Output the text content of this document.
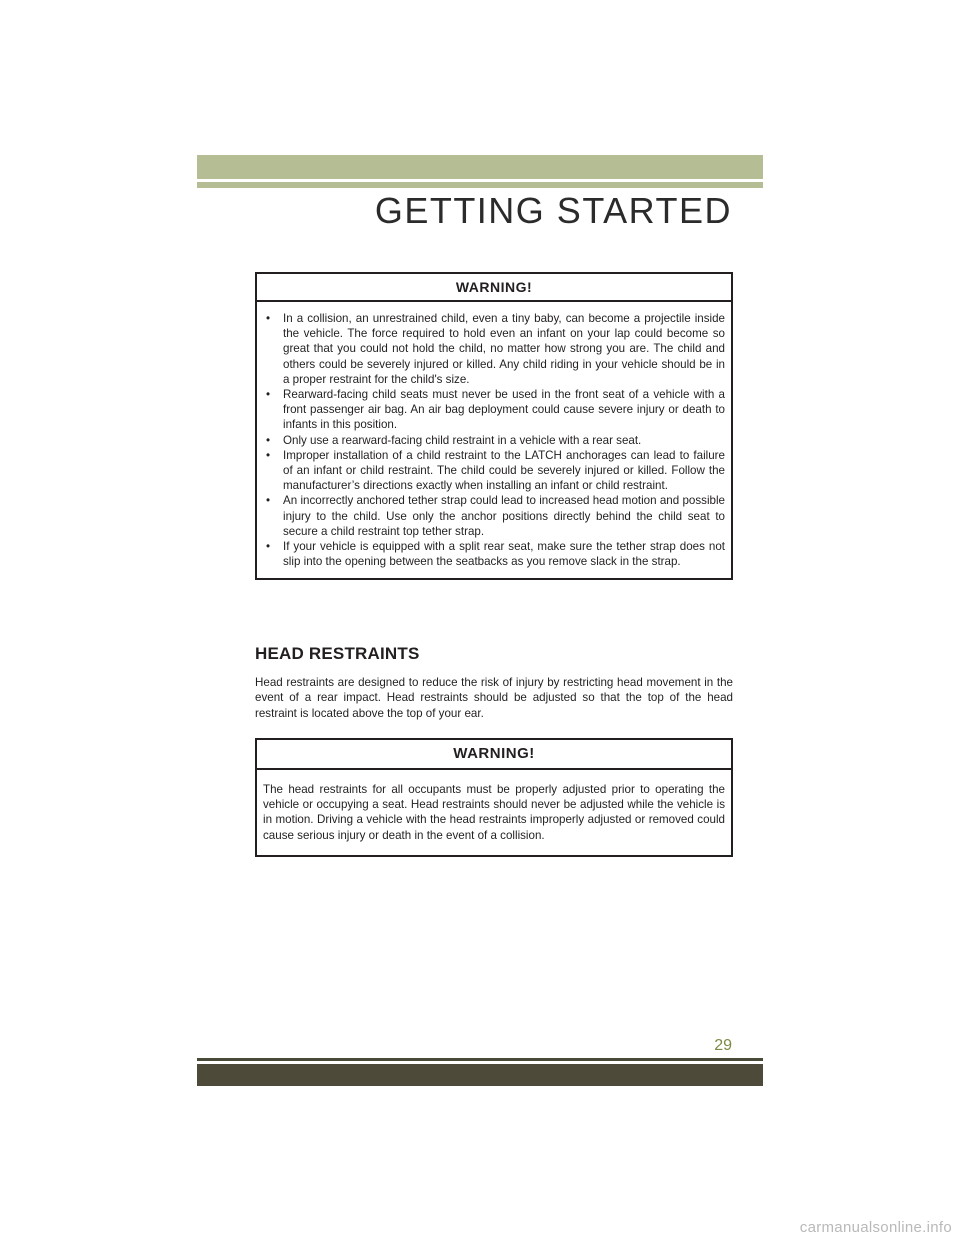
GETTING STARTED
WARNING!
• In a collision, an unrestrained child, even a tiny baby, can become a projectile inside the vehicle. The force required to hold even an infant on your lap could become so great that you could not hold the child, no matter how strong you are. The child and others could be severely injured or killed. Any child riding in your vehicle should be in a proper restraint for the child's size.
• Rearward-facing child seats must never be used in the front seat of a vehicle with a front passenger air bag. An air bag deployment could cause severe injury or death to infants in this position.
• Only use a rearward-facing child restraint in a vehicle with a rear seat.
• Improper installation of a child restraint to the LATCH anchorages can lead to failure of an infant or child restraint. The child could be severely injured or killed. Follow the manufacturer’s directions exactly when installing an infant or child restraint.
• An incorrectly anchored tether strap could lead to increased head motion and possible injury to the child. Use only the anchor positions directly behind the child seat to secure a child restraint top tether strap.
• If your vehicle is equipped with a split rear seat, make sure the tether strap does not slip into the opening between the seatbacks as you remove slack in the strap.
HEAD RESTRAINTS

Head restraints are designed to reduce the risk of injury by restricting head movement in the event of a rear impact. Head restraints should be adjusted so that the top of the head restraint is located above the top of your ear.

WARNING!

The head restraints for all occupants must be properly adjusted prior to operating the vehicle or occupying a seat. Head restraints should never be adjusted while the vehicle is in motion. Driving a vehicle with the head restraints improperly adjusted or removed could cause serious injury or death in the event of a collision.

29
carmanualsonline.info
